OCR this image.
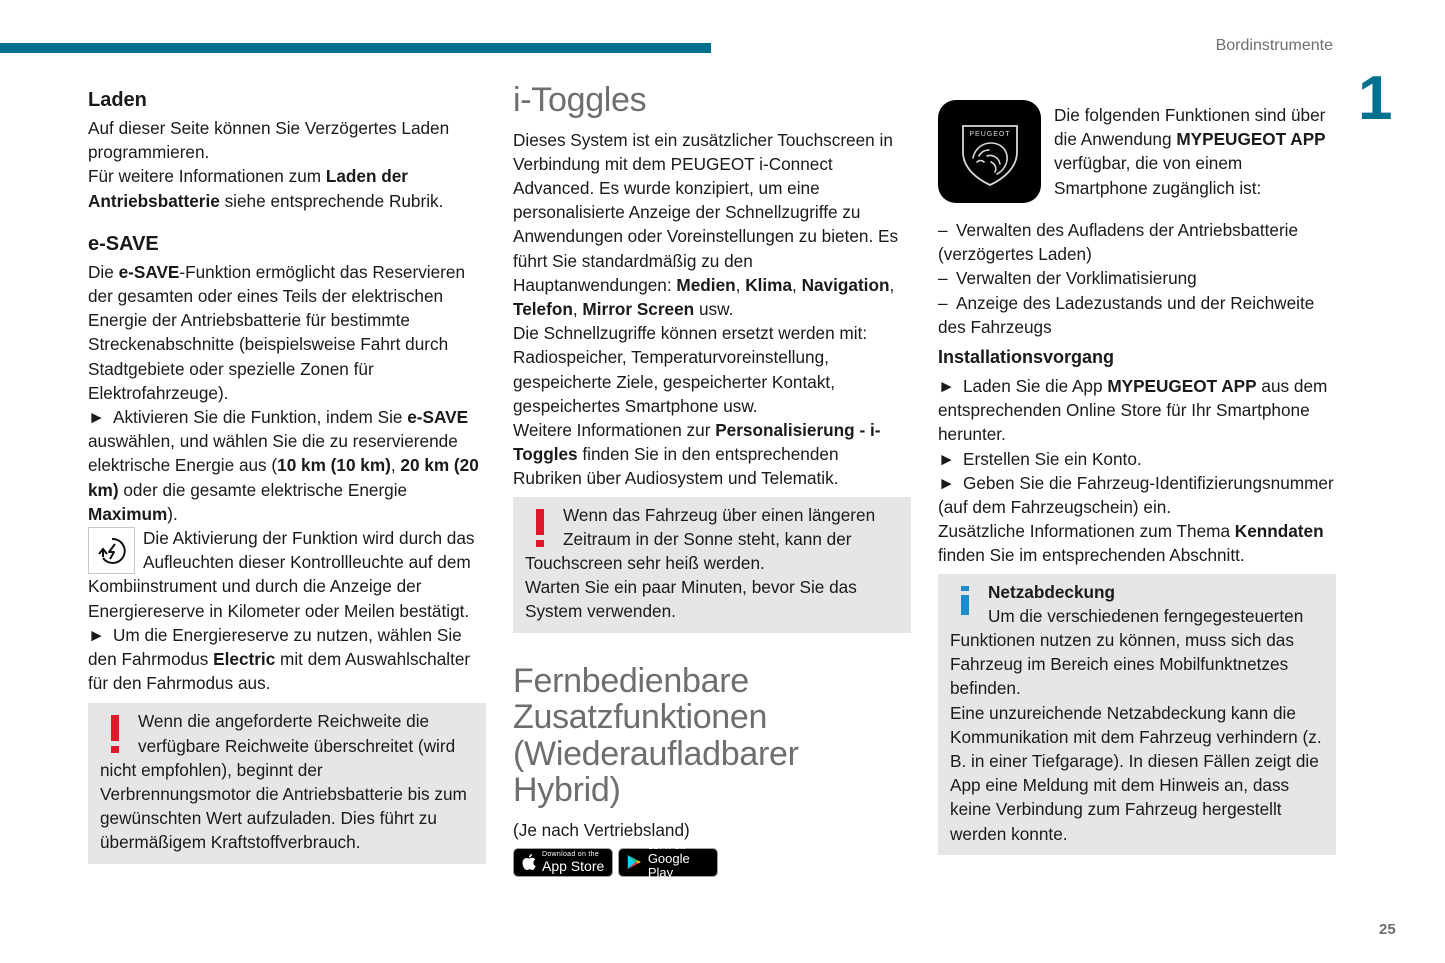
Bordinstrumente
1
Laden

Auf dieser Seite können Sie Verzögertes Laden programmieren.

Für weitere Informationen zum Laden der Antriebsbatterie siehe entsprechende Rubrik.

e-SAVE

Die e-SAVE-Funktion ermöglicht das Reservieren der gesamten oder eines Teils der elektrischen Energie der Antriebsbatterie für bestimmte Streckenabschnitte (beispielsweise Fahrt durch Stadtgebiete oder spezielle Zonen für Elektrofahrzeuge).

► Aktivieren Sie die Funktion, indem Sie e-SAVE auswählen, und wählen Sie die zu reservierende elektrische Energie aus (10 km (10 km), 20 km (20 km) oder die gesamte elektrische Energie Maximum).

Die Aktivierung der Funktion wird durch das Aufleuchten dieser Kontrollleuchte auf dem Kombiinstrument und durch die Anzeige der Energiereserve in Kilometer oder Meilen bestätigt.

► Um die Energiereserve zu nutzen, wählen Sie den Fahrmodus Electric mit dem Auswahlschalter für den Fahrmodus aus.

Wenn die angeforderte Reichweite die verfügbare Reichweite überschreitet (wird nicht empfohlen), beginnt der Verbrennungsmotor die Antriebsbatterie bis zum gewünschten Wert aufzuladen. Dies führt zu übermäßigem Kraftstoffverbrauch.
i-Toggles

Dieses System ist ein zusätzlicher Touchscreen in Verbindung mit dem PEUGEOT i-Connect Advanced. Es wurde konzipiert, um eine personalisierte Anzeige der Schnellzugriffe zu Anwendungen oder Voreinstellungen zu bieten. Es führt Sie standardmäßig zu den Hauptanwendungen: Medien, Klima, Navigation, Telefon, Mirror Screen usw.

Die Schnellzugriffe können ersetzt werden mit: Radiospeicher, Temperaturvoreinstellung, gespeicherte Ziele, gespeicherter Kontakt, gespeichertes Smartphone usw.

Weitere Informationen zur Personalisierung - i-Toggles finden Sie in den entsprechenden Rubriken über Audiosystem und Telematik.

Wenn das Fahrzeug über einen längeren Zeitraum in der Sonne steht, kann der Touchscreen sehr heiß werden.
Warten Sie ein paar Minuten, bevor Sie das System verwenden.
Fernbedienbare Zusatzfunktionen (Wiederaufladbarer Hybrid)

(Je nach Vertriebsland)

Download on the
App Store
GET IT ON
Google Play
PEUGEOT

Die folgenden Funktionen sind über die Anwendung MYPEUGEOT APP verfügbar, die von einem Smartphone zugänglich ist:

– Verwalten des Aufladens der Antriebsbatterie (verzögertes Laden)

– Verwalten der Vorklimatisierung

– Anzeige des Ladezustands und der Reichweite des Fahrzeugs

Installationsvorgang

► Laden Sie die App MYPEUGEOT APP aus dem entsprechenden Online Store für Ihr Smartphone herunter.

► Erstellen Sie ein Konto.

► Geben Sie die Fahrzeug-Identifizierungsnummer (auf dem Fahrzeugschein) ein.

Zusätzliche Informationen zum Thema Kenndaten finden Sie im entsprechenden Abschnitt.

Netzabdeckung
Um die verschiedenen ferngegesteuerten Funktionen nutzen zu können, muss sich das Fahrzeug im Bereich eines Mobilfunktnetzes befinden.
Eine unzureichende Netzabdeckung kann die Kommunikation mit dem Fahrzeug verhindern (z. B. in einer Tiefgarage). In diesen Fällen zeigt die App eine Meldung mit dem Hinweis an, dass keine Verbindung zum Fahrzeug hergestellt werden konnte.
25
